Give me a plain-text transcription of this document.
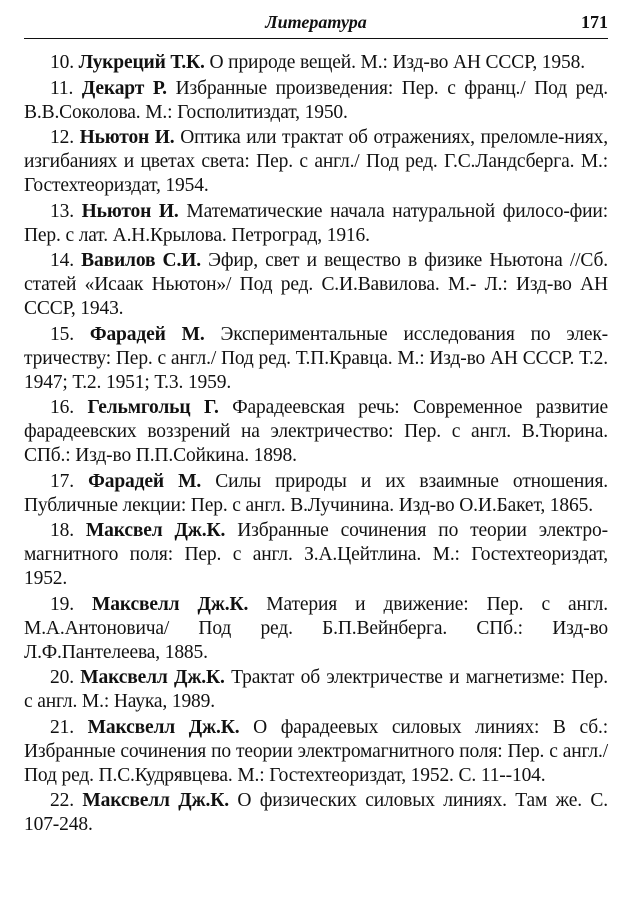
Литература	171

10. Лукреций Т.К. О природе вещей. М.: Изд-во АН СССР, 1958.

11. Декарт Р. Избранные произведения: Пер. с франц./ Под ред. В.В.Соколова. М.: Госполитиздат, 1950.

12. Ньютон И. Оптика или трактат об отражениях, преломле-ниях, изгибаниях и цветах света: Пер. с англ./ Под ред. Г.С.Ландсберга. М.: Гостехтеориздат, 1954.

13. Ньютон И. Математические начала натуральной филосо-фии: Пер. с лат. А.Н.Крылова. Петроград, 1916.

14. Вавилов С.И. Эфир, свет и вещество в физике Ньютона //Сб. статей «Исаак Ньютон»/ Под ред. С.И.Вавилова. М.- Л.: Изд-во АН СССР, 1943.

15. Фарадей М. Экспериментальные исследования по элек-тричеству: Пер. с англ./ Под ред. Т.П.Кравца. М.: Изд-во АН СССР. Т.2. 1947; Т.2. 1951; Т.3. 1959.

16. Гельмгольц Г. Фарадеевская речь: Современное развитие фарадеевских воззрений на электричество: Пер. с англ. В.Тюрина. СПб.: Изд-во П.П.Сойкина. 1898.

17. Фарадей М. Силы природы и их взаимные отношения. Публичные лекции: Пер. с англ. В.Лучинина. Изд-во О.И.Бакет, 1865.

18. Максвел Дж.К. Избранные сочинения по теории электро-магнитного поля: Пер. с англ. З.А.Цейтлина. М.: Гостехтеориздат, 1952.

19. Максвелл Дж.К. Материя и движение: Пер. с англ. М.А.Антоновича/ Под ред. Б.П.Вейнберга. СПб.: Изд-во Л.Ф.Пантелеева, 1885.

20. Максвелл Дж.К. Трактат об электричестве и магнетизме: Пер. с англ. М.: Наука, 1989.

21. Максвелл Дж.К. О фарадеевых силовых линиях: В сб.: Избранные сочинения по теории электромагнитного поля: Пер. с англ./ Под ред. П.С.Кудрявцева. М.: Гостехтеориздат, 1952. С. 11--104.

22. Максвелл Дж.К. О физических силовых линиях. Там же. С. 107-248.
